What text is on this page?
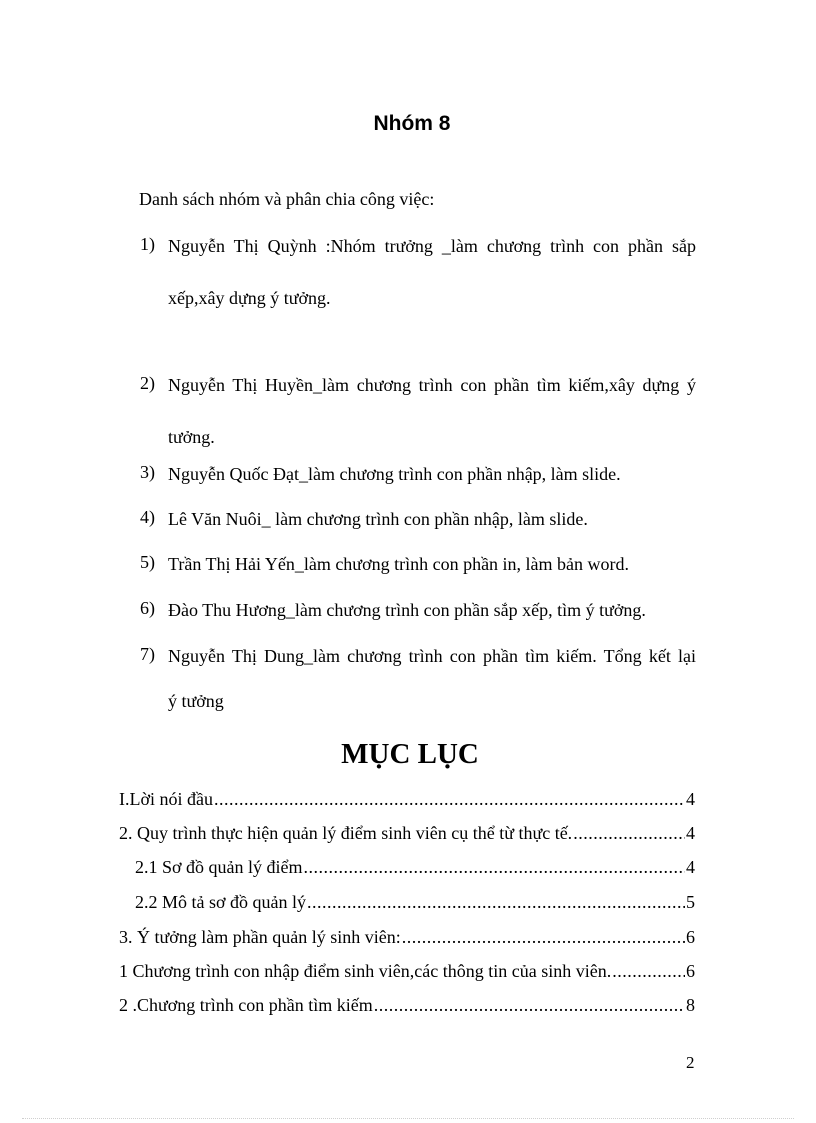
Nhóm 8
Danh sách nhóm và phân chia công việc:
1) Nguyễn Thị Quỳnh :Nhóm trưởng _làm chương trình con phần sắp
xếp,xây dựng ý tưởng.
2) Nguyễn Thị Huyền_làm chương trình con phần tìm kiếm,xây dựng ý
tưởng.
3) Nguyễn Quốc Đạt_làm chương trình con phần nhập, làm slide.
4) Lê Văn Nuôi_ làm chương trình con phần nhập, làm slide.
5) Trần Thị Hải Yến_làm chương trình con phần in, làm bản word.
6) Đào Thu Hương_làm chương trình con phần sắp xếp, tìm ý tưởng.
7) Nguyễn Thị Dung_làm chương trình con phần tìm kiếm. Tổng kết lại
ý tưởng
MỤC LỤC
I.Lời nói đầu .....	4
2. Quy trình thực hiện quản lý điểm sinh viên cụ thể từ thực tế. .....	4
2.1 Sơ đồ quản lý điểm .....	4
2.2 Mô tả sơ đồ quản lý .....	5
3. Ý tưởng làm phần quản lý sinh viên: .....	6
1 Chương trình con nhập điểm sinh viên,các thông tin của sinh viên. .....	6
2 .Chương trình con phần tìm kiếm .....	8
2
